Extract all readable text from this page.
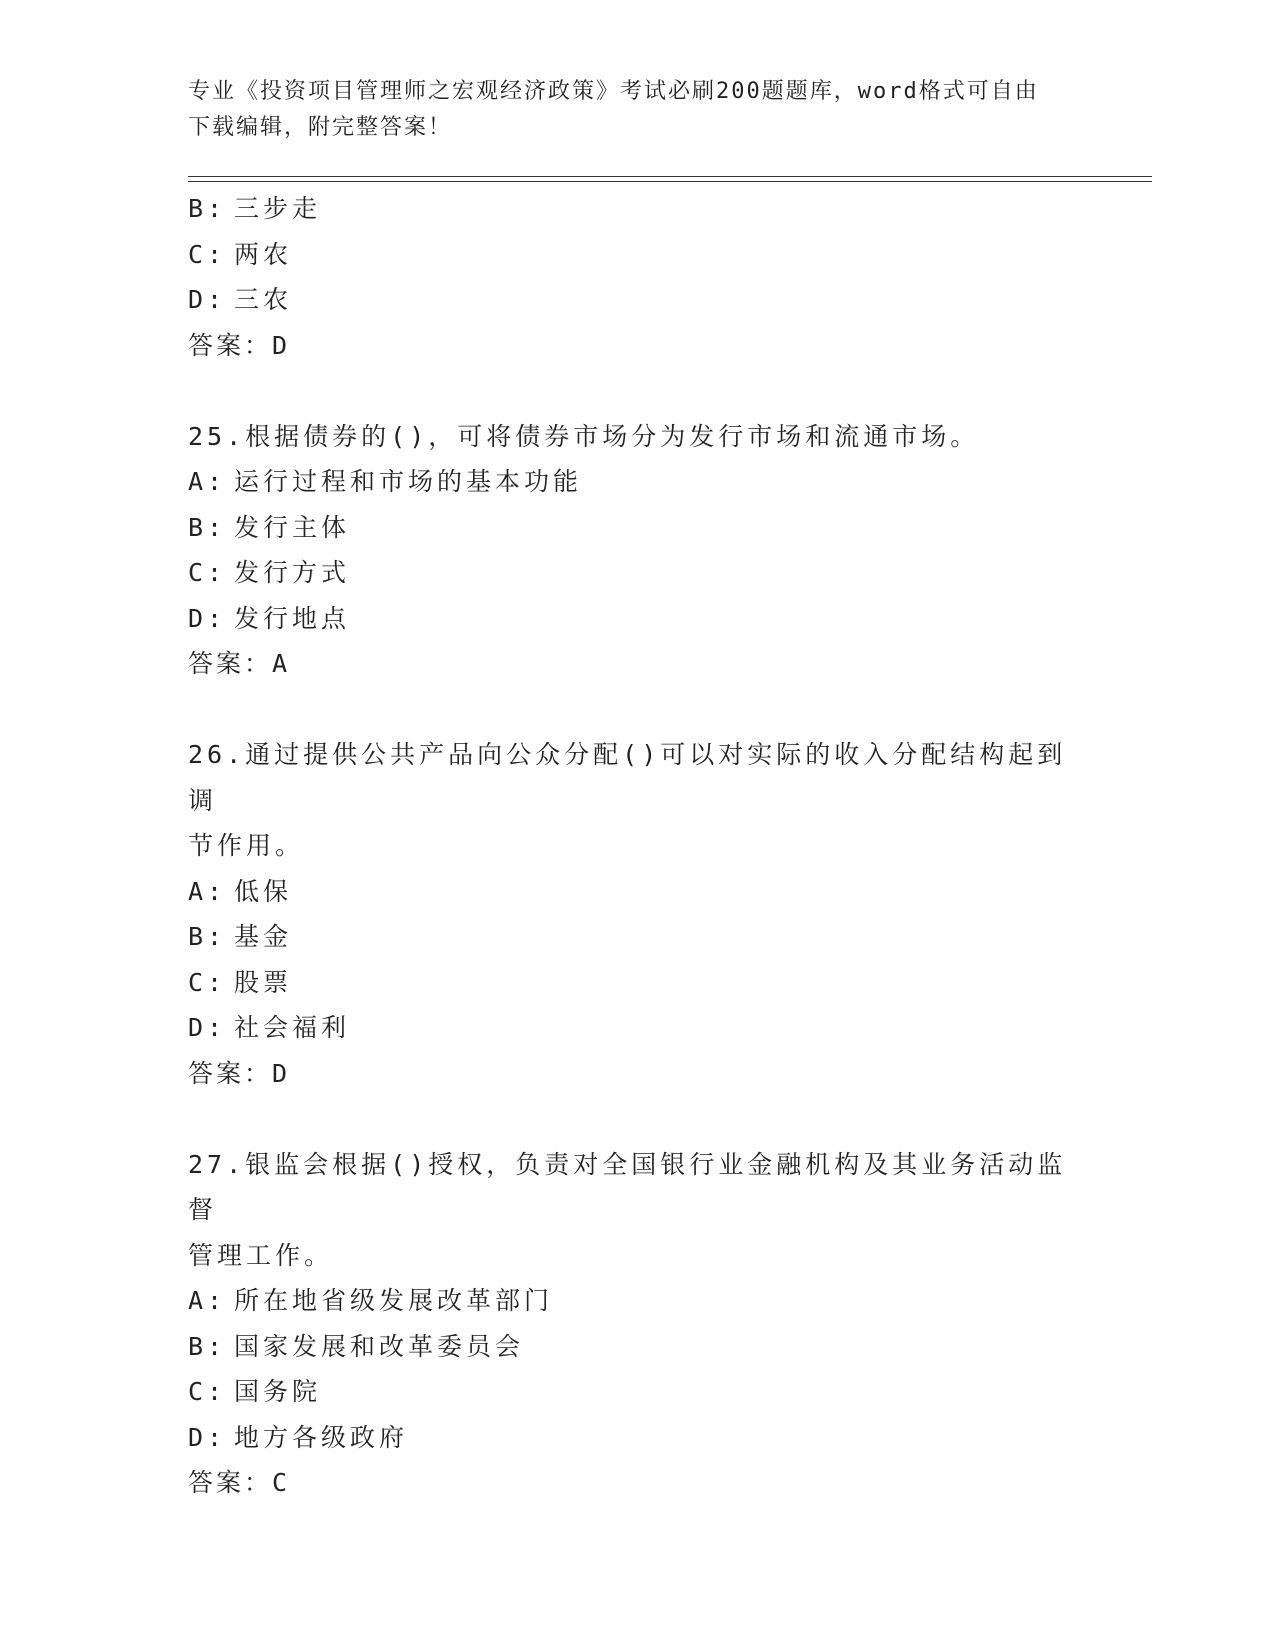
专业《投资项目管理师之宏观经济政策》考试必刷200题题库，word格式可自由
下载编辑，附完整答案！
B: 三步走
C: 两农
D: 三农
答案：D
25.根据债券的()，可将债券市场分为发行市场和流通市场。
A: 运行过程和市场的基本功能
B: 发行主体
C: 发行方式
D: 发行地点
答案：A
26.通过提供公共产品向公众分配()可以对实际的收入分配结构起到调
节作用。
A: 低保
B: 基金
C: 股票
D: 社会福利
答案：D
27.银监会根据()授权，负责对全国银行业金融机构及其业务活动监督
管理工作。
A: 所在地省级发展改革部门
B: 国家发展和改革委员会
C: 国务院
D: 地方各级政府
答案：C
